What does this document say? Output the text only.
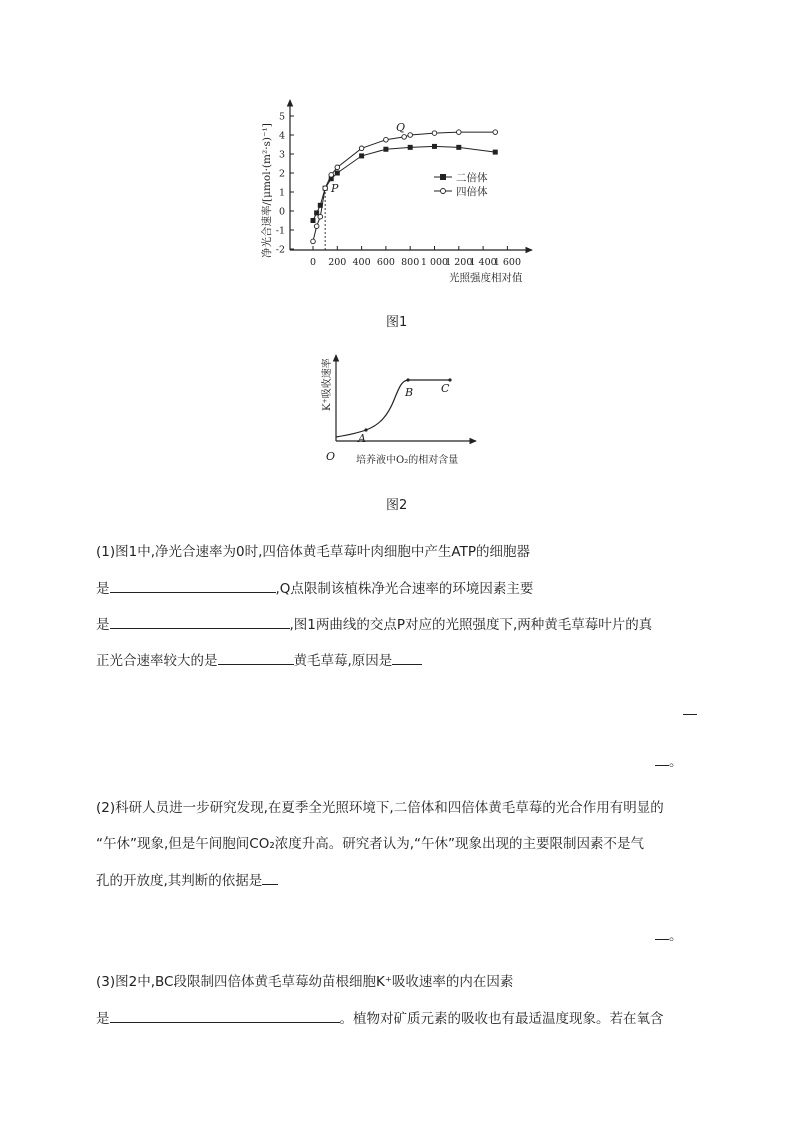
-2
-1
0
1
2
3
4
5
0 200 400 600 800 1 000
1 200
1 400
1 600
光照强度相对值
净光合速率/[μmol·(m²·s)⁻¹]	Q
P
二倍体
四倍体
图1
A
B	C
O 培养液中O₂的相对含量
K⁺吸收速率
图2
(1)图1中,净光合速率为0时,四倍体黄毛草莓叶肉细胞中产生ATP的细胞器
是	,Q点限制该植株净光合速率的环境因素主要
是	,图1两曲线的交点P对应的光照强度下,两种黄毛草莓叶片的真
正光合速率较大的是	黄毛草莓,原因是
。
(2)科研人员进一步研究发现,在夏季全光照环境下,二倍体和四倍体黄毛草莓的光合作用有明显的
“午休”现象,但是午间胞间CO₂浓度升高。研究者认为,“午休”现象出现的主要限制因素不是气
孔的开放度,其判断的依据是
。
(3)图2中,BC段限制四倍体黄毛草莓幼苗根细胞K⁺吸收速率的内在因素
是	。植物对矿质元素的吸收也有最适温度现象。若在氧含
